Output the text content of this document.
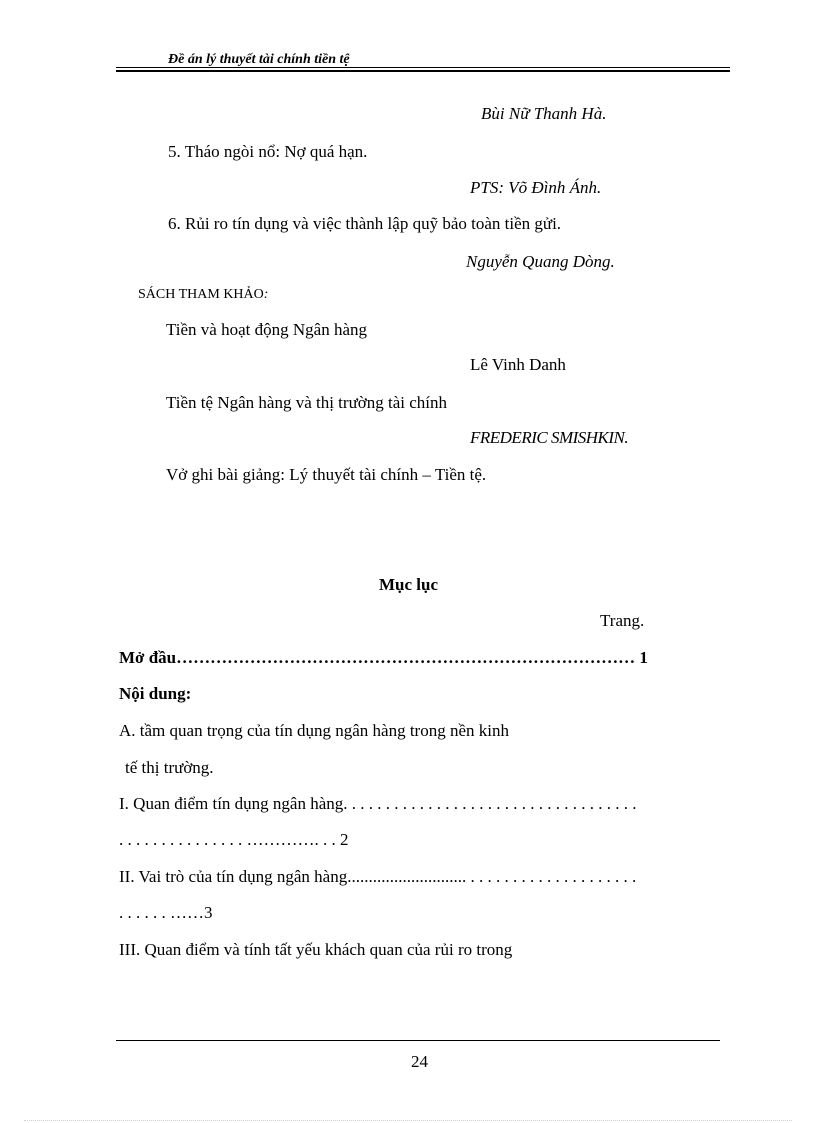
Đề án lý thuyết tài chính tiền tệ
Bùi Nữ Thanh Hà.
5. Tháo ngòi nổ: Nợ quá hạn.
PTS: Võ Đình Ánh.
6. Rủi ro tín dụng và việc thành lập quỹ bảo toàn tiền gửi.
Nguyễn Quang Dòng.
SÁCH THAM KHẢO:
Tiền và hoạt động Ngân hàng
Lê Vinh Danh
Tiền tệ Ngân hàng và thị trường tài chính
FREDERIC SMISHKIN.
Vở ghi bài giảng: Lý thuyết tài chính – Tiền tệ.
Mục lục
Trang.
Mở đầu……………………………………………………………………… 1
Nội dung:
A. tầm quan trọng của tín dụng ngân hàng trong nền kinh
tế thị trường.
I. Quan điểm tín dụng ngân hàng. . . . . . . . . . . . . . . . . . . . . . . . . . . . . . . . . . .
. . . . . . . . . . . . . . . …………. . . 2
II. Vai trò của tín dụng ngân hàng............................ . . . . . . . . . . . . . . . . . . . .
. . . . . . ……3
III. Quan điểm và tính tất yếu khách quan của rủi ro trong
24
